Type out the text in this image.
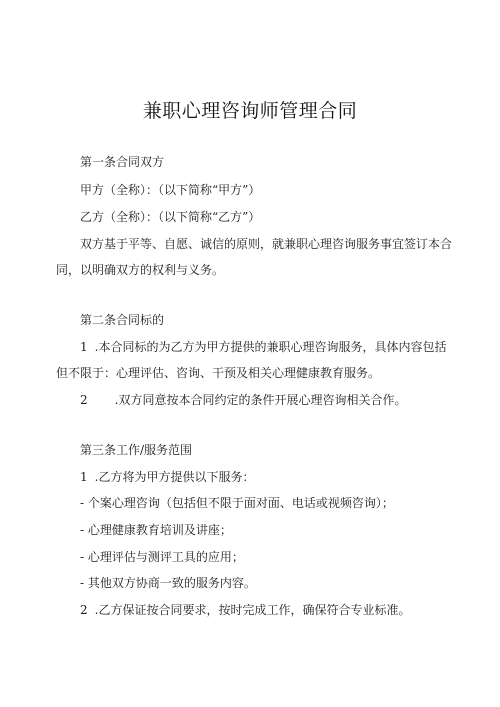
兼职心理咨询师管理合同
第一条合同双方
甲方（全称）：（以下简称“甲方”）
乙方（全称）：（以下简称“乙方”）
双方基于平等、自愿、诚信的原则，就兼职心理咨询服务事宜签订本合
同，以明确双方的权利与义务。
第二条合同标的
1 .本合同标的为乙方为甲方提供的兼职心理咨询服务，具体内容包括
但不限于：心理评估、咨询、干预及相关心理健康教育服务。
2 .双方同意按本合同约定的条件开展心理咨询相关合作。
第三条工作/服务范围
1 .乙方将为甲方提供以下服务：
- 个案心理咨询（包括但不限于面对面、电话或视频咨询）；
- 心理健康教育培训及讲座；
- 心理评估与测评工具的应用；
- 其他双方协商一致的服务内容。
2 .乙方保证按合同要求，按时完成工作，确保符合专业标准。
